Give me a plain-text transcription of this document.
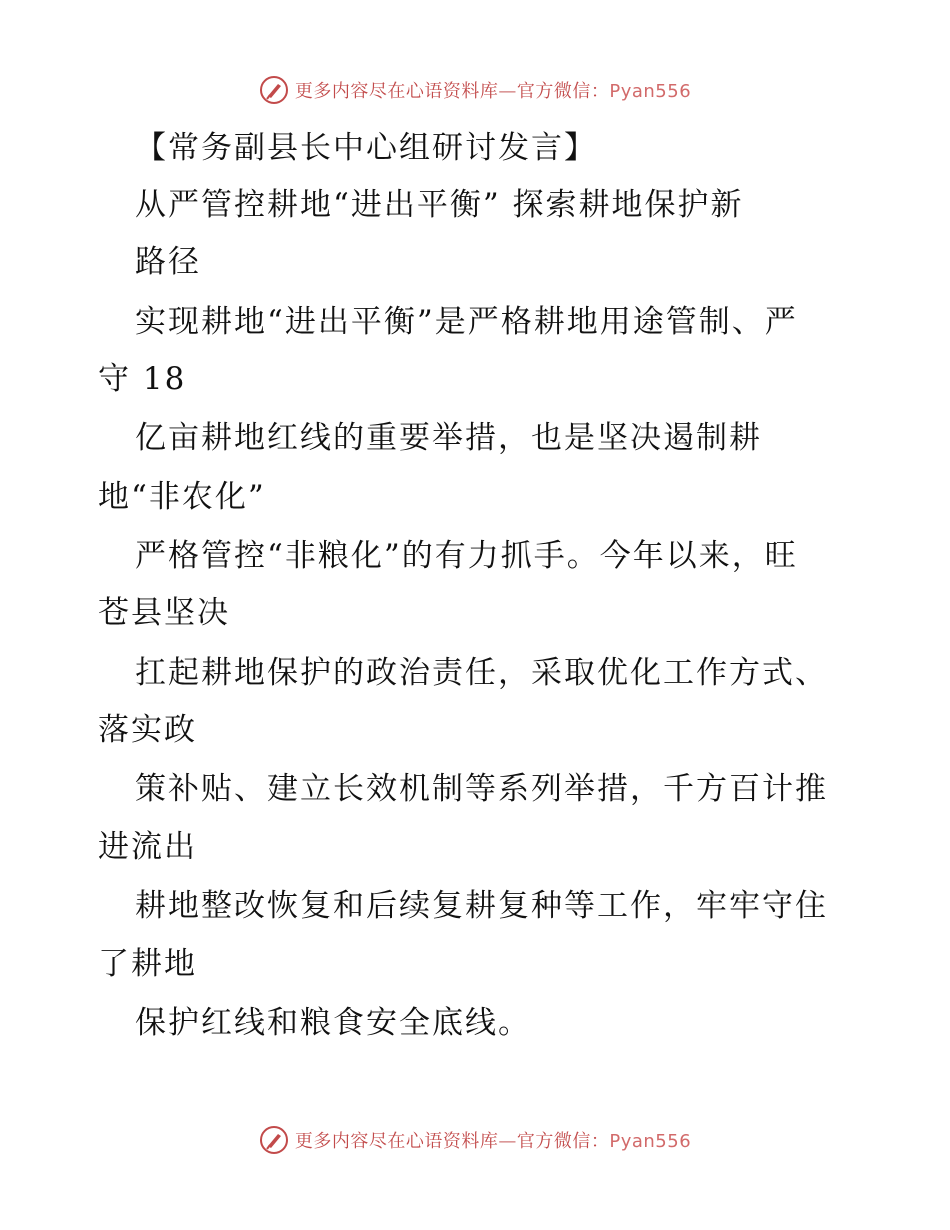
更多内容尽在心语资料库—官方微信：Pyan556
【常务副县长中心组研讨发言】
从严管控耕地“进出平衡” 探索耕地保护新
路径
实现耕地“进出平衡”是严格耕地用途管制、严
守 18
亿亩耕地红线的重要举措，也是坚决遏制耕
地“非农化”
严格管控“非粮化”的有力抓手。今年以来，旺
苍县坚决
扛起耕地保护的政治责任，采取优化工作方式、
落实政
策补贴、建立长效机制等系列举措，千方百计推
进流出
耕地整改恢复和后续复耕复种等工作，牢牢守住
了耕地
保护红线和粮食安全底线。
更多内容尽在心语资料库—官方微信：Pyan556
